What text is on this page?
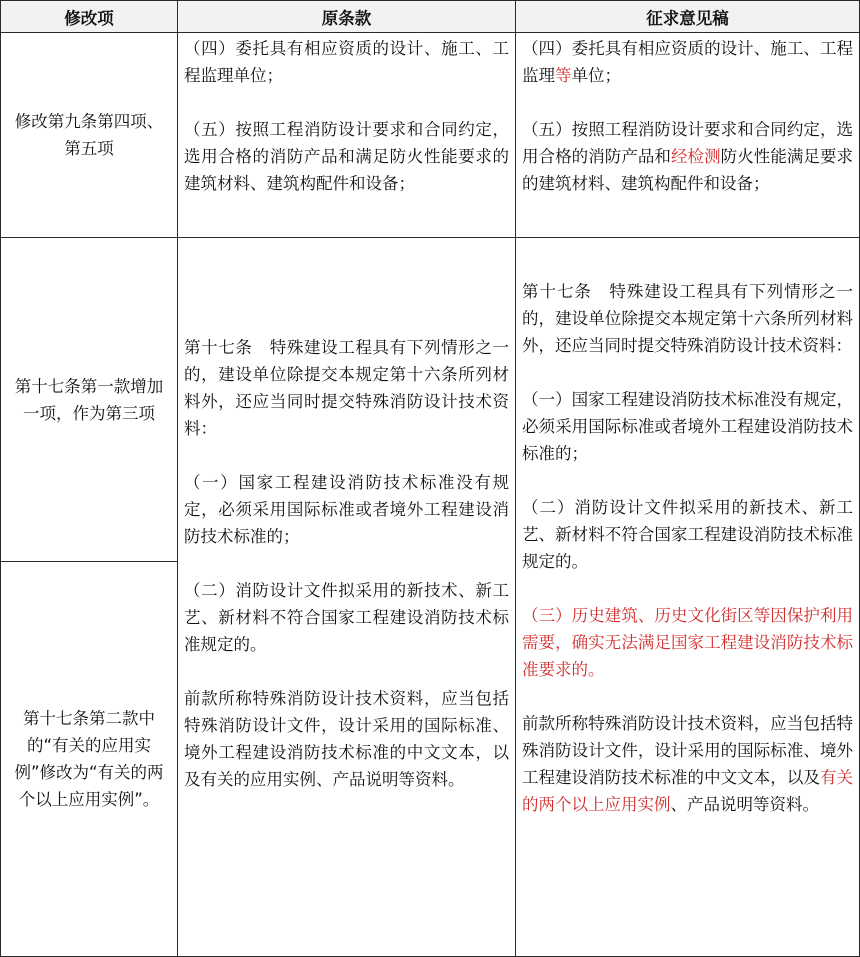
修改项	原条款	征求意见稿
修改第九条第四项、第五项

（四）委托具有相应资质的设计、施工、工程监理单位；

（五）按照工程消防设计要求和合同约定，选用合格的消防产品和满足防火性能要求的建筑材料、建筑构配件和设备；

（四）委托具有相应资质的设计、施工、工程监理等单位；

（五）按照工程消防设计要求和合同约定，选用合格的消防产品和经检测防火性能满足要求的建筑材料、建筑构配件和设备；

第十七条第一款增加一项，作为第三项
第十七条第二款中的“有关的应用实例”修改为“有关的两个以上应用实例”。

第十七条　特殊建设工程具有下列情形之一的，建设单位除提交本规定第十六条所列材料外，还应当同时提交特殊消防设计技术资料：

（一）国家工程建设消防技术标准没有规定，必须采用国际标准或者境外工程建设消防技术标准的；

（二）消防设计文件拟采用的新技术、新工艺、新材料不符合国家工程建设消防技术标准规定的。

前款所称特殊消防设计技术资料，应当包括特殊消防设计文件，设计采用的国际标准、境外工程建设消防技术标准的中文文本，以及有关的应用实例、产品说明等资料。

第十七条　特殊建设工程具有下列情形之一的，建设单位除提交本规定第十六条所列材料外，还应当同时提交特殊消防设计技术资料：

（一）国家工程建设消防技术标准没有规定，必须采用国际标准或者境外工程建设消防技术标准的；

（二）消防设计文件拟采用的新技术、新工艺、新材料不符合国家工程建设消防技术标准规定的。

（三）历史建筑、历史文化街区等因保护利用需要，确实无法满足国家工程建设消防技术标准要求的。

前款所称特殊消防设计技术资料，应当包括特殊消防设计文件，设计采用的国际标准、境外工程建设消防技术标准的中文文本，以及有关的两个以上应用实例、产品说明等资料。
